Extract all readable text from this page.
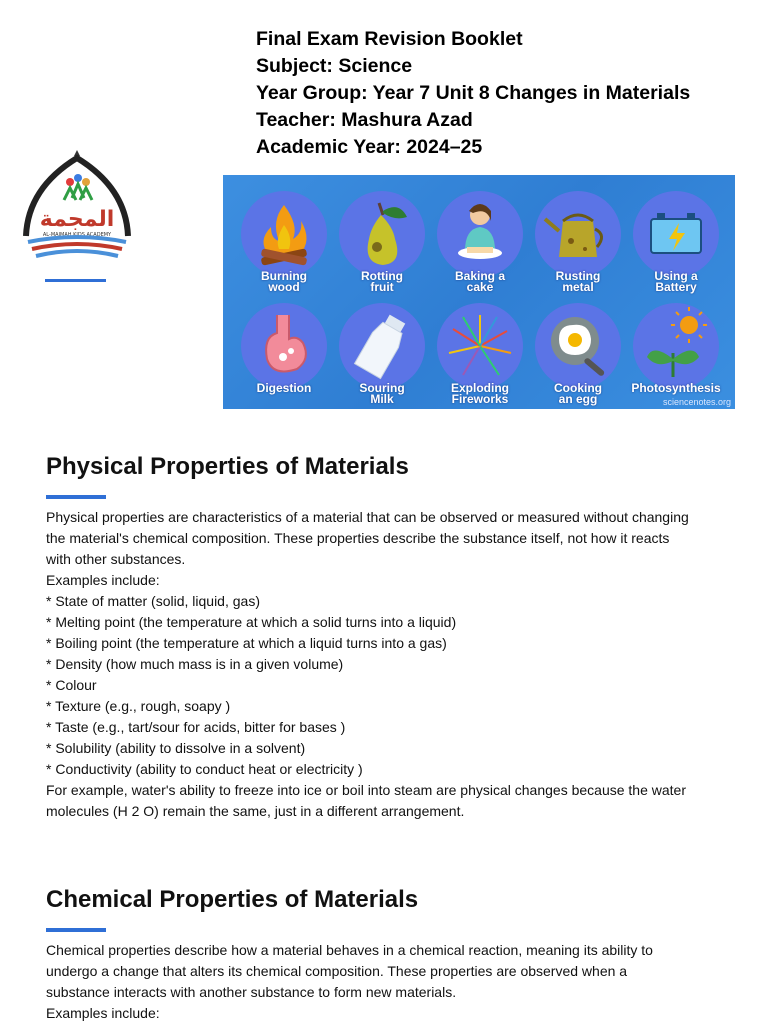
Final Exam Revision Booklet
Subject: Science
Year Group: Year 7 Unit 8 Changes in Materials
Teacher: Mashura Azad
Academic Year: 2024–25
المجمة
AL-MAJMAH KIDS ACADEMY
Burning
wood
Rotting
fruit
Baking a
cake
Rusting
metal
Using a
Battery
Digestion	Souring
Milk
Exploding
Fireworks
Cooking
an egg
Photosynthesis
sciencenotes.org
Physical Properties of Materials
Physical properties are characteristics of a material that can be observed or measured without changing
the material's chemical composition. These properties describe the substance itself, not how it reacts
with other substances.
Examples include:
* State of matter (solid, liquid, gas)
* Melting point (the temperature at which a solid turns into a liquid)
* Boiling point (the temperature at which a liquid turns into a gas)
* Density (how much mass is in a given volume)
* Colour
* Texture (e.g., rough, soapy )
* Taste (e.g., tart/sour for acids, bitter for bases )
* Solubility (ability to dissolve in a solvent)
* Conductivity (ability to conduct heat or electricity )
For example, water's ability to freeze into ice or boil into steam are physical changes because the water
molecules (H 2 O) remain the same, just in a different arrangement.
Chemical Properties of Materials
Chemical properties describe how a material behaves in a chemical reaction, meaning its ability to
undergo a change that alters its chemical composition. These properties are observed when a
substance interacts with another substance to form new materials.
Examples include:
